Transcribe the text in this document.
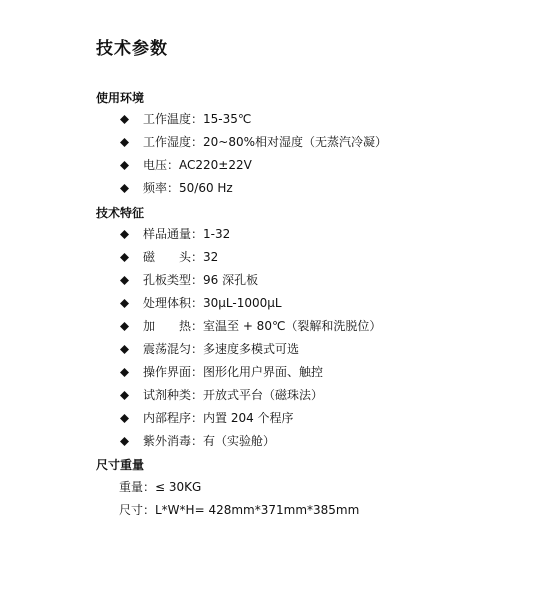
技术参数
使用环境
工作温度：15-35℃
工作湿度：20~80%相对湿度（无蒸汽冷凝）
电压：AC220±22V
频率：50/60 Hz
技术特征
样品通量：1-32
磁　　头：32
孔板类型：96 深孔板
处理体积：30μL-1000μL
加　　热：室温至 + 80℃（裂解和洗脱位）
震荡混匀：多速度多模式可选
操作界面：图形化用户界面、触控
试剂种类：开放式平台（磁珠法）
内部程序：内置 204 个程序
紫外消毒：有（实验舱）
尺寸重量
重量：≤ 30KG
尺寸：L*W*H= 428mm*371mm*385mm
